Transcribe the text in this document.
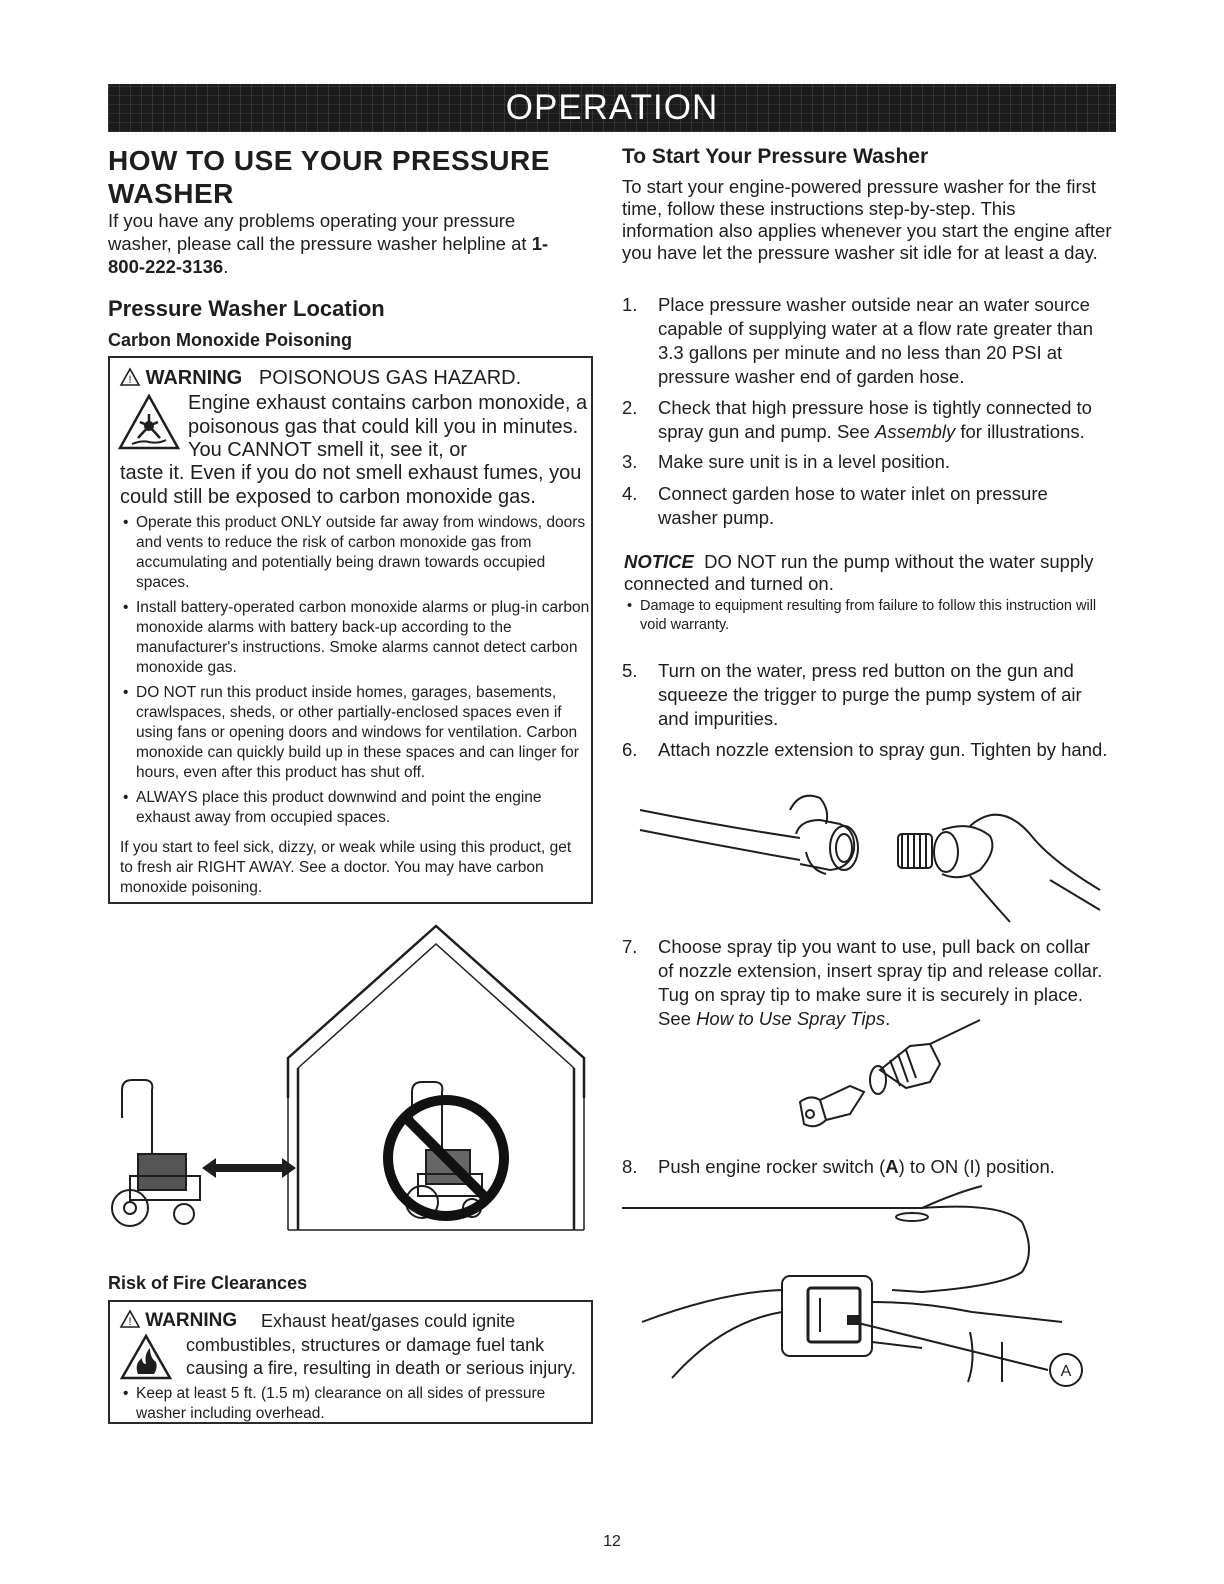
OPERATION
HOW TO USE YOUR PRESSURE WASHER
If you have any problems operating your pressure washer, please call the pressure washer helpline at 1-800-222-3136.
Pressure Washer Location
Carbon Monoxide Poisoning
! WARNING POISONOUS GAS HAZARD.
Engine exhaust contains carbon monoxide, a poisonous gas that could kill you in minutes. You CANNOT smell it, see it, or
taste it. Even if you do not smell exhaust fumes, you could still be exposed to carbon monoxide gas.
• Operate this product ONLY outside far away from windows, doors and vents to reduce the risk of carbon monoxide gas from accumulating and potentially being drawn towards occupied spaces.
• Install battery-operated carbon monoxide alarms or plug-in carbon monoxide alarms with battery back-up according to the manufacturer's instructions. Smoke alarms cannot detect carbon monoxide gas.
• DO NOT run this product inside homes, garages, basements, crawlspaces, sheds, or other partially-enclosed spaces even if using fans or opening doors and windows for ventilation. Carbon monoxide can quickly build up in these spaces and can linger for hours, even after this product has shut off.
• ALWAYS place this product downwind and point the engine exhaust away from occupied spaces.
If you start to feel sick, dizzy, or weak while using this product, get to fresh air RIGHT AWAY. See a doctor. You may have carbon monoxide poisoning.
Risk of Fire Clearances
! WARNING	Exhaust heat/gases could ignite combustibles, structures or damage fuel tank causing a fire, resulting in death or serious injury.
• Keep at least 5 ft. (1.5 m) clearance on all sides of pressure washer including overhead.
To Start Your Pressure Washer
To start your engine-powered pressure washer for the first time, follow these instructions step-by-step. This information also applies whenever you start the engine after you have let the pressure washer sit idle for at least a day.
1. Place pressure washer outside near an water source capable of supplying water at a flow rate greater than 3.3 gallons per minute and no less than 20 PSI at pressure washer end of garden hose.
2. Check that high pressure hose is tightly connected to spray gun and pump. See Assembly for illustrations.
3. Make sure unit is in a level position.
4. Connect garden hose to water inlet on pressure washer pump.
NOTICE DO NOT run the pump without the water supply connected and turned on.
• Damage to equipment resulting from failure to follow this instruction will void warranty.
5. Turn on the water, press red button on the gun and squeeze the trigger to purge the pump system of air and impurities.
6. Attach nozzle extension to spray gun. Tighten by hand.
7. Choose spray tip you want to use, pull back on collar of nozzle extension, insert spray tip and release collar. Tug on spray tip to make sure it is securely in place. See How to Use Spray Tips.
8. Push engine rocker switch (A) to ON (I) position.
A
12
